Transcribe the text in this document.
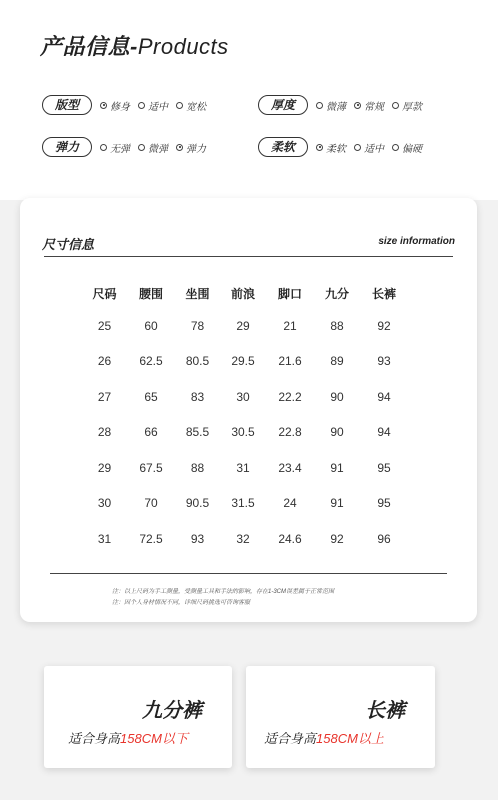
产品信息-Products
版型	修身 适中 宽松	厚度	微薄 常规 厚款
弹力	无弹 微弹 弹力	柔软	柔软 适中 偏硬
尺寸信息	size information
尺码	腰围	坐围	前浪	脚口	九分	长裤
25	60	78	29	21	88	92
26	62.5	80.5	29.5	21.6	89	93
27	65	83	30	22.2	90	94
28	66	85.5	30.5	22.8	90	94
29	67.5	88	31	23.4	91	95
30	70	90.5	31.5	24	91	95
31	72.5	93	32	24.6	92	96
注：以上尺码为手工测量，受测量工具和手法的影响，存在1-3CM误差属于正常范围
注：因个人身材情况不同，详细尺码挑选可咨询客服
九分裤
适合身高158CM以下
长裤
适合身高158CM以上
